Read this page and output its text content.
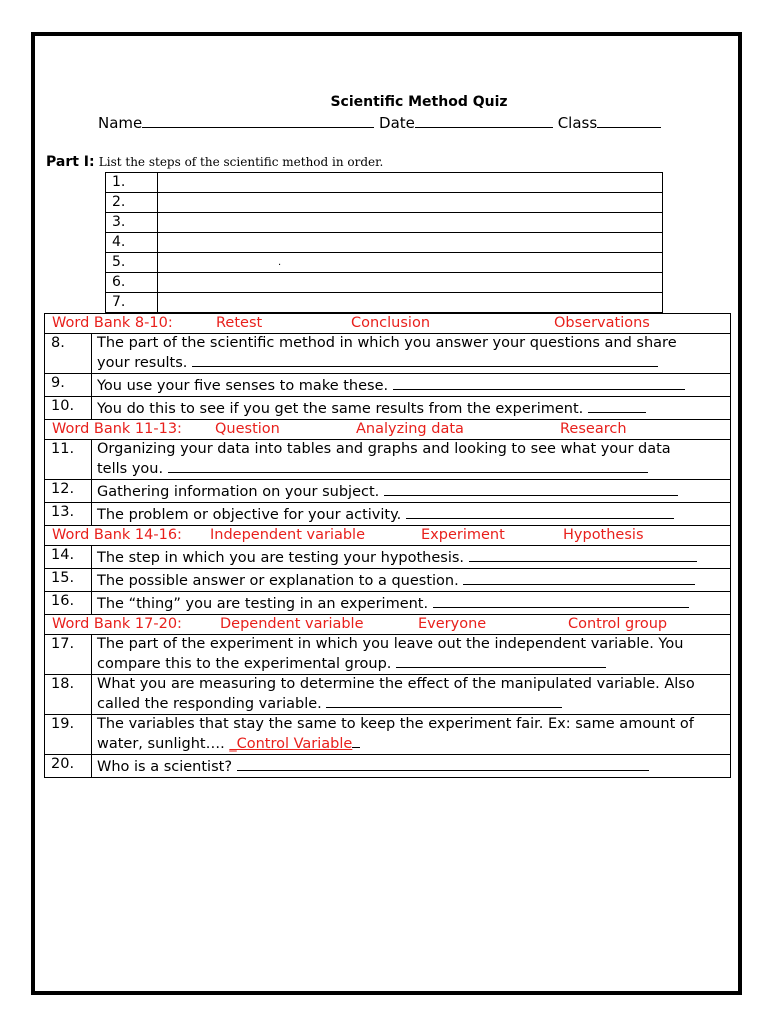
Scientific Method Quiz
Name	Date	Class
Part I: List the steps of the scientific method in order.
1.	
2.	
3.	
4.	
5.	·

6.	
7.	
Word Bank 8-10: Retest Conclusion Observations	

8.	The part of the scientific method in which you answer your questions and share
your results.

9.	You use your five senses to make these.
10.	You do this to see if you get the same results from the experiment.

Word Bank 11-13: Question Analyzing data Research	

11.	Organizing your data into tables and graphs and looking to see what your data
tells you.

12.	Gathering information on your subject.
13.	The problem or objective for your activity.

Word Bank 14-16: Independent variable Experiment Hypothesis	

14.	The step in which you are testing your hypothesis.
15.	The possible answer or explanation to a question.
16.	The “thing” you are testing in an experiment.

Word Bank 17-20: Dependent variable Everyone Control group	

17.	The part of the experiment in which you leave out the independent variable. You
compare this to the experimental group.

18.	What you are measuring to determine the effect of the manipulated variable. Also
called the responding variable.

19.	The variables that stay the same to keep the experiment fair. Ex: same amount of
water, sunlight…. _Control Variable

20.	Who is a scientist?
